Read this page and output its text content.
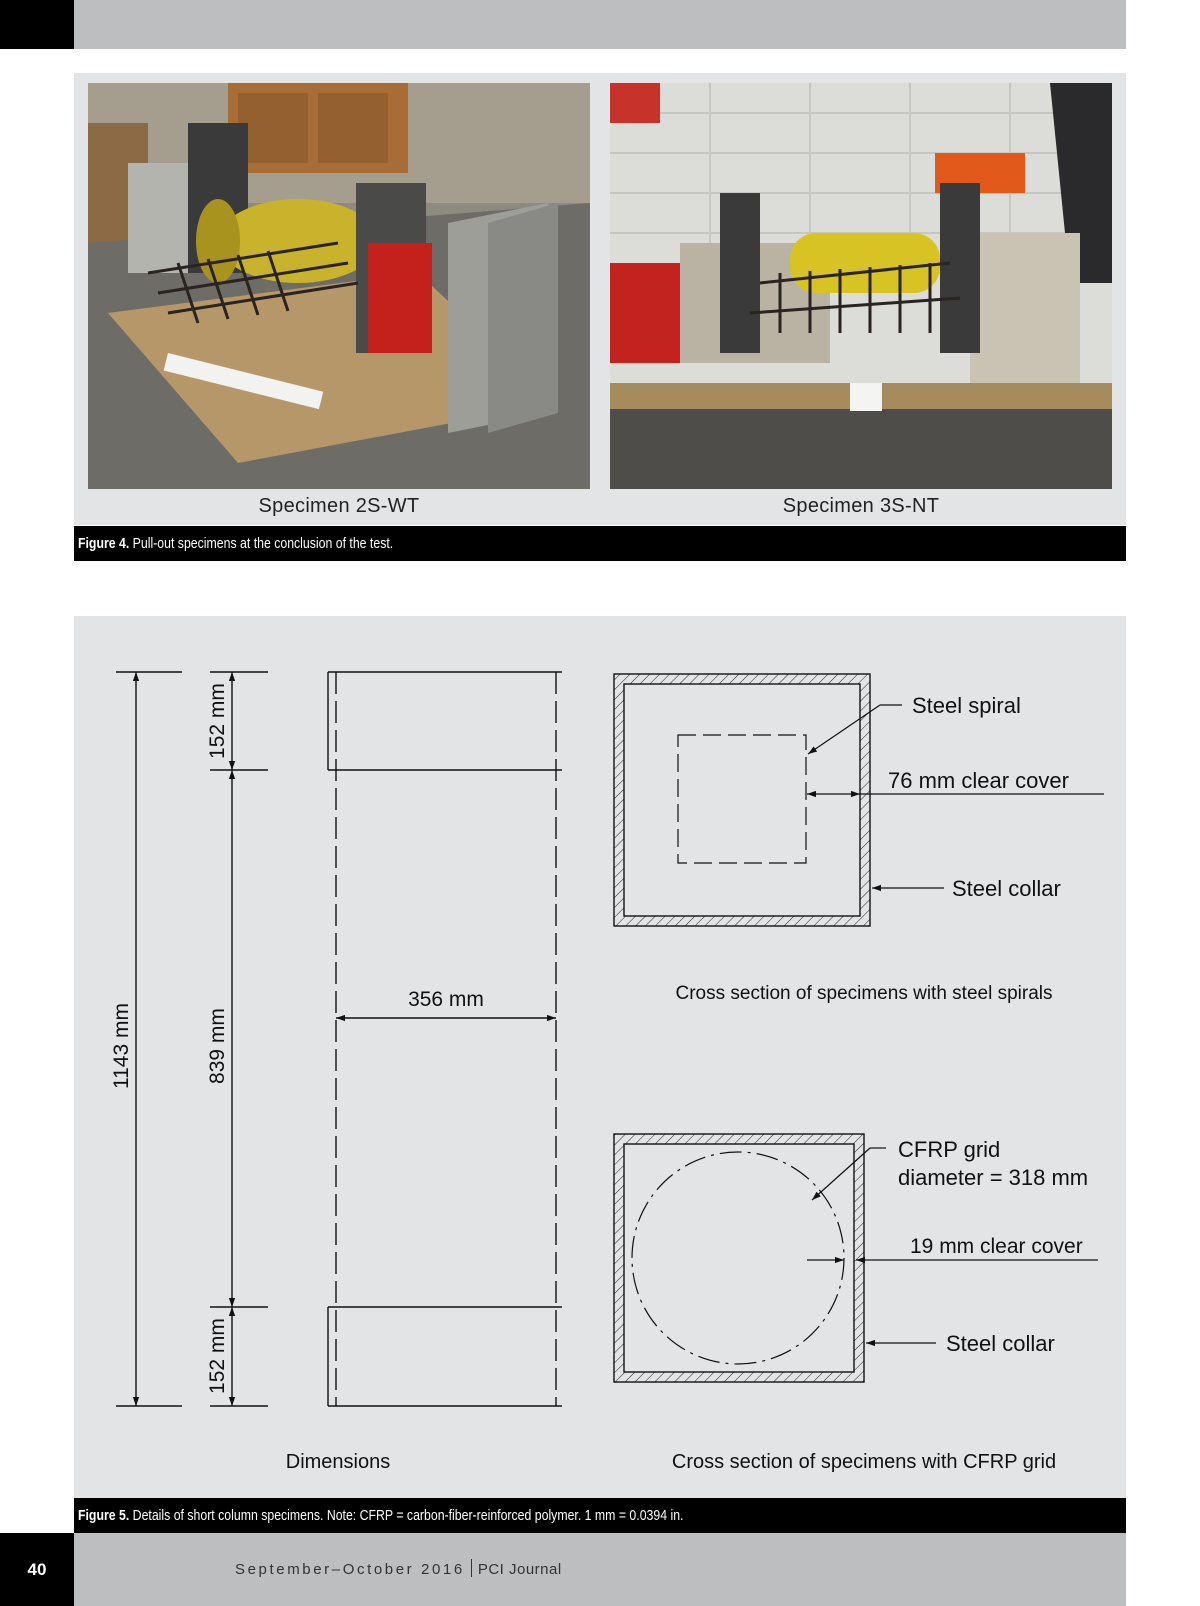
Specimen 2S-WT	Specimen 3S-NT
Figure 4. Pull-out specimens at the conclusion of the test.
1143 mm
152 mm
839 mm
152 mm
356 mm
Dimensions
Steel spiral
76 mm clear cover
Steel collar
Cross section of specimens with steel spirals
CFRP grid
diameter = 318 mm
19 mm clear cover
Steel collar
Cross section of specimens with CFRP grid
Figure 5. Details of short column specimens. Note: CFRP = carbon-fiber-reinforced polymer. 1 mm = 0.0394 in.
40	September–October 2016 PCI Journal
